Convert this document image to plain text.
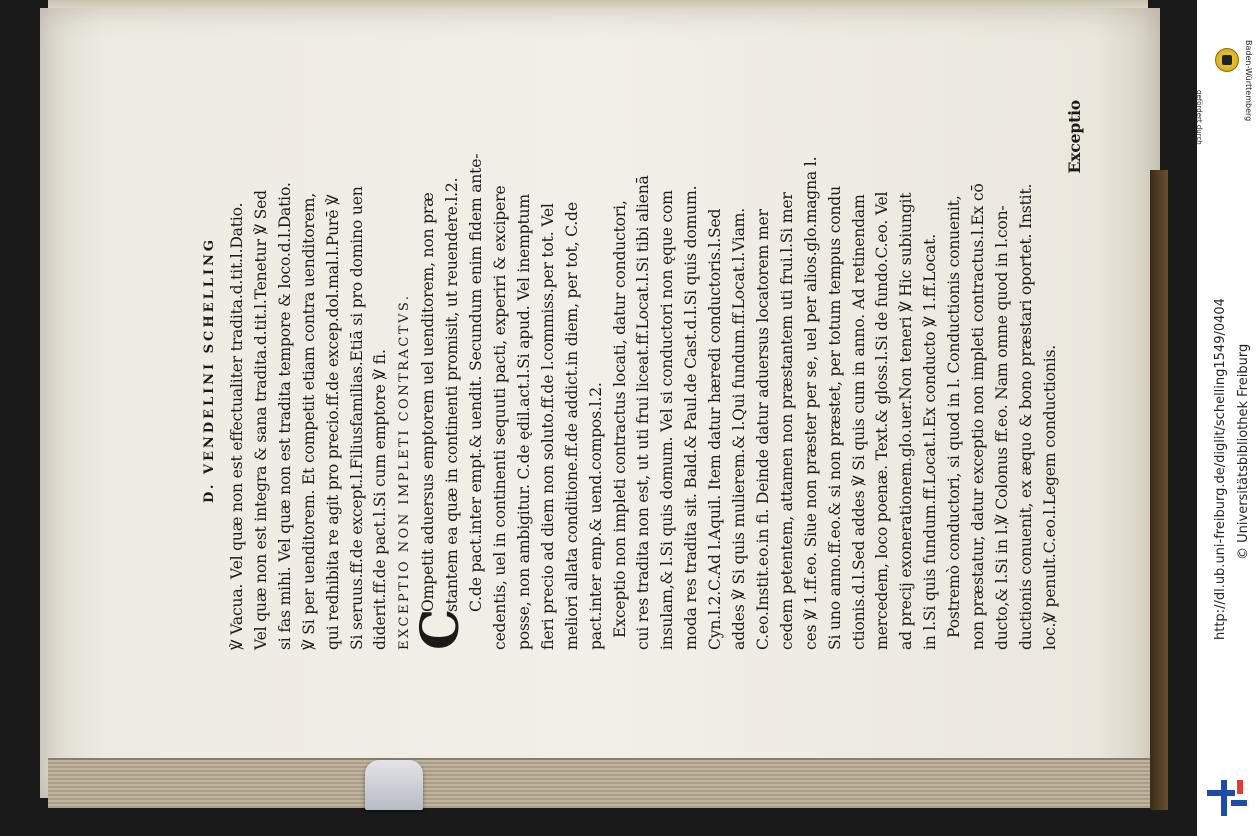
D. VENDELINI SCHELLING ℣ Vacua. Vel quæ non est effectualiter tradita.d.tit.l.Datio. Vel quæ non est integra & sana tradita.d.tit.l.Tenetur ℣ Sed si fas mihi. Vel quæ non est tradita tempore & loco.d.l.Datio. ℣ Si per uenditorem. Et competit etiam contra uenditorem, qui redhibita re agit pro precio.ff.de excep.dol.mal.l.Purē ℣ Si seruus.ff.de except.l.Filiusfamilias.Etiā si pro domino uen diderit.ff.de pact.l.Si cum emptore ℣ fi. EXCEPTIO NON IMPLETI CONTRACTVS.
C
Ompetit aduersus emptorem uel uenditorem, non præ stantem ea quæ in continenti promisit, ut reuendere.l.2. C.de pact.inter empt.& uendit. Secundum enim fidem ante- cedentis, uel in continenti sequuti pacti, experiri & excipere posse, non ambigitur. C.de ędil.act.l.Si apud. Vel inemptum fieri precio ad diem non soluto.ff.de l.commiss.per tot. Vel meliori allata conditione.ff.de addict.in diem, per tot, C.de pact.inter emp.& uend.compos.l.2. Exceptio non impleti contractus locati, datur conductori, cui res tradita non est, ut uti frui liceat.ff.Locat.l.Si tibi alienā insulam,& l.Si quis domum. Vel si conductori non ęque com moda res tradita sit. Bald.& Paul.de Cast.d.l.Si quis domum. Cyn.l.2.C.Ad l.Aquil. Item datur hæredi conductoris.l.Sed addes ℣ Si quis mulierem.& l.Qui fundum.ff.Locat.l.Viam. C.eo.Instit.eo.in fi. Deinde datur aduersus locatorem mer cedem petentem, attamen non præstantem uti frui.l.Si mer ces ℣ 1.ff.eo. Siue non præster per se, uel per alios.glo.magna l. Si uno anno.ff.eo.& si non præstet, per totum tempus condu ctionis.d.l.Sed addes ℣ Si quis cum in anno. Ad retinendam mercedem, loco poenæ. Text.& gloss.l.Si de fundo.C.eo. Vel ad precij exonerationem.glo.uer.Non teneri ℣ Hic subiungit in l.Si quis fundum.ff.Locat.l.Ex conducto ℣ 1.ff.Locat. Postremò conductori, si quod in l. Conductionis conuenit, non præstatur, datur exceptio non impleti contractus.l.Ex cō ducto,& l.Si in l.℣ Colonus ff.eo. Nam omne quod in l.con- ductionis conuenit, ex æquo & bono præstari oportet. Instit. loc.℣ penult.C.eo.l.Legem conductionis.
Exceptio	gefördert durch	Baden-Württemberg
http://dl.ub.uni-freiburg.de/diglit/schelling1549/0404 © Universitätsbibliothek Freiburg
